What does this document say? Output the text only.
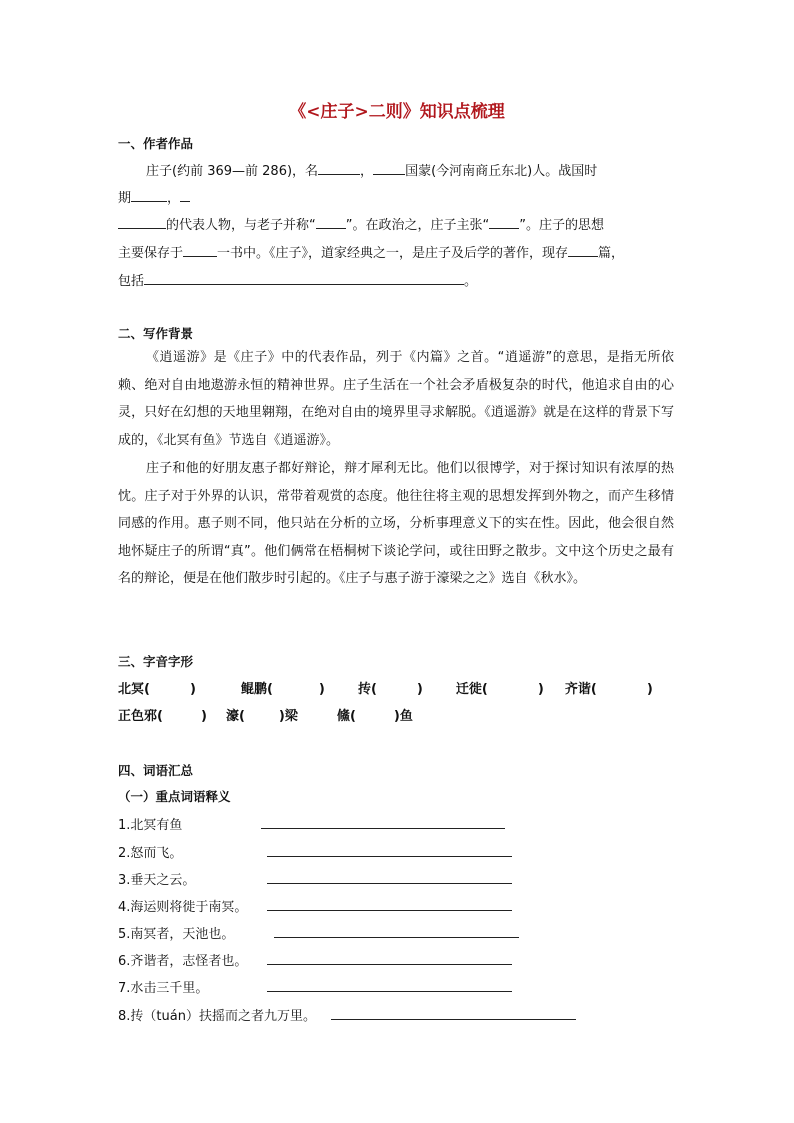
《<庄子>二则》知识点梳理
一、作者作品
庄子(约前 369—前 286)，名	， 国蒙(今河南商丘东北)人。战国时
期	，
的代表人物，与老子并称“ ”。在政治之，庄子主张“ ”。庄子的思想
主要保存于	一书中。《庄子》，道家经典之一，是庄子及后学的著作，现存 篇，
包括	。
二、写作背景
《逍遥游》是《庄子》中的代表作品，列于《内篇》之首。“逍遥游”的意思，是指无所依赖、绝对自由地遨游永恒的精神世界。庄子生活在一个社会矛盾极复杂的时代，他追求自由的心灵，只好在幻想的天地里翱翔，在绝对自由的境界里寻求解脱。《逍遥游》就是在这样的背景下写成的，《北冥有鱼》节选自《逍遥游》。
庄子和他的好朋友惠子都好辩论，辩才犀利无比。他们以很博学，对于探讨知识有浓厚的热忱。庄子对于外界的认识，常带着观赏的态度。他往往将主观的思想发挥到外物之，而产生移情同感的作用。惠子则不同，他只站在分析的立场，分析事理意义下的实在性。因此，他会很自然地怀疑庄子的所谓“真”。他们俩常在梧桐树下谈论学问，或往田野之散步。文中这个历史之最有名的辩论，便是在他们散步时引起的。《庄子与惠子游于濠梁之之》选自《秋水》。
三、字音字形
北冥(	)	鲲鹏(	)	抟(	)	迁徙(	) 齐谐(	)
正色邪(	) 濠(	)梁	鯈(	)鱼
四、词语汇总
（一）重点词语释义
1.北冥有鱼
2.怒而飞。
3.垂天之云。
4.海运则将徙于南冥。
5.南冥者，天池也。
6.齐谐者，志怪者也。
7.水击三千里。
8.抟（tuán）扶摇而之者九万里。
